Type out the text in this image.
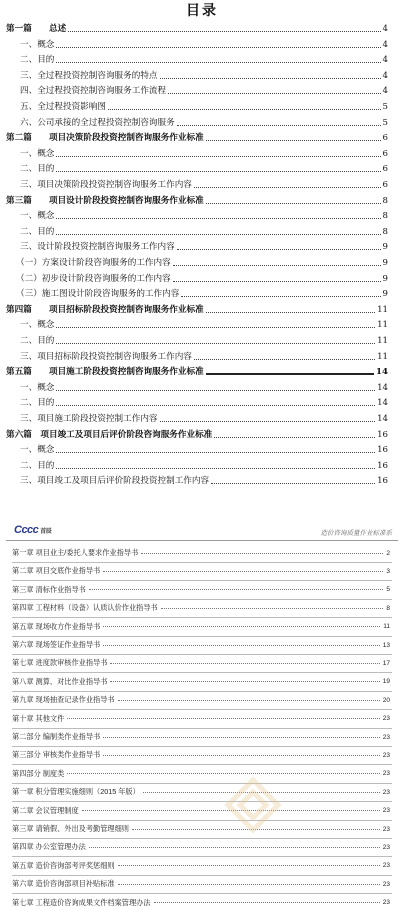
目录
第一篇　　总述	4
一、概念	4
二、目的	4
三、全过程投资控制咨询服务的特点	4
四、全过程投资控制咨询服务工作流程	4
五、全过程投资影响图	5
六、公司承接的全过程投资控制咨询服务	5
第二篇　　项目决策阶段投资控制咨询服务作业标准	6
一、概念	6
二、目的	6
三、项目决策阶段投资控制咨询服务工作内容	6
第三篇　　项目设计阶段投资控制咨询服务作业标准	8
一、概念	8
二、目的	8
三、设计阶段投资控制咨询服务工作内容	9
（一）方案设计阶段咨询服务的工作内容	9
（二）初步设计阶段咨询服务的工作内容	9
（三）施工图设计阶段咨询服务的工作内容	9
第四篇　　项目招标阶段投资控制咨询服务作业标准	11
一、概念	11
二、目的	11
三、项目招标阶段投资控制咨询服务工作内容	11
第五篇　　项目施工阶段投资控制咨询服务作业标准	14
一、概念	14
二、目的	14
三、项目施工阶段投资控制工作内容	14
第六篇　项目竣工及项目后评价阶段咨询服务作业标准	16
一、概念	16
二、目的	16
三、项目竣工及项目后评价阶段投资控制工作内容	16
Cccc 首辰	造价咨询质量作业标准系
第一章 项目业主/委托人要求作业指导书	2
第二章 项目交底作业指导书	3
第三章 清标作业指导书	5
第四章 工程材料（设备）认质认价作业指导书	8
第五章 现场收方作业指导书	11
第六章 现场签证作业指导书	13
第七章 进度款审核作业指导书	17
第八章 测算、对比作业指导书	19
第九章 现场抽查记录作业指导书	20
第十章 其他文件	23
第二部分 编制类作业指导书	23
第三部分 审核类作业指导书	23
第四部分 制度类	23
第一章 积分管理实施细则（2015 年版）	23
第二章 会议管理制度	23
第三章 请销假、外出及考勤管理细则	23
第四章 办公室管理办法	23
第五章 造价咨询部考评奖惩细则	23
第六章 造价咨询部项目补贴标准	23
第七章 工程造价咨询成果文件档案管理办法	23
